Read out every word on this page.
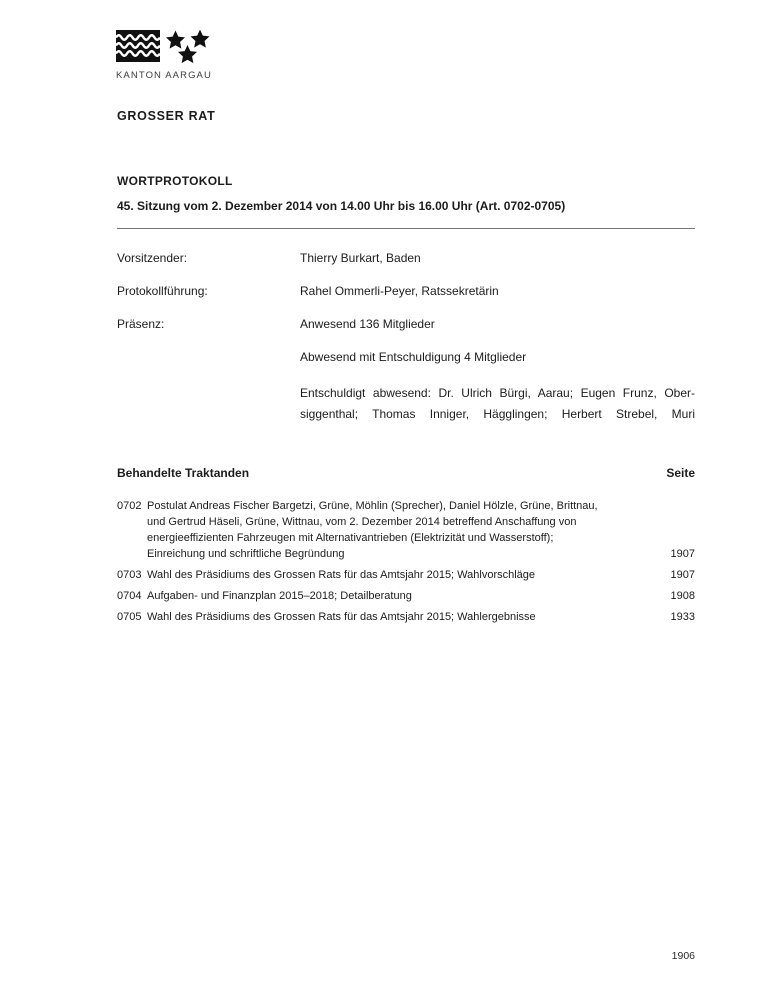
KANTON AARGAU
GROSSER RAT
WORTPROTOKOLL
45. Sitzung vom 2. Dezember 2014 von 14.00 Uhr bis 16.00 Uhr (Art. 0702-0705)
Vorsitzender:	Thierry Burkart, Baden
Protokollführung:	Rahel Ommerli-Peyer, Ratssekretärin
Präsenz:	Anwesend 136 Mitglieder
Abwesend mit Entschuldigung 4 Mitglieder
Entschuldigt abwesend: Dr. Ulrich Bürgi, Aarau; Eugen Frunz, Ober-
siggenthal; Thomas Inniger, Hägglingen; Herbert Strebel, Muri
Behandelte Traktanden	Seite
0702 Postulat Andreas Fischer Bargetzi, Grüne, Möhlin (Sprecher), Daniel Hölzle, Grüne, Brittnau,
und Gertrud Häseli, Grüne, Wittnau, vom 2. Dezember 2014 betreffend Anschaffung von
energieeffizienten Fahrzeugen mit Alternativantrieben (Elektrizität und Wasserstoff);
Einreichung und schriftliche Begründung	1907
0703 Wahl des Präsidiums des Grossen Rats für das Amtsjahr 2015; Wahlvorschläge	1907
0704 Aufgaben- und Finanzplan 2015–2018; Detailberatung	1908
0705 Wahl des Präsidiums des Grossen Rats für das Amtsjahr 2015; Wahlergebnisse	1933
1906
